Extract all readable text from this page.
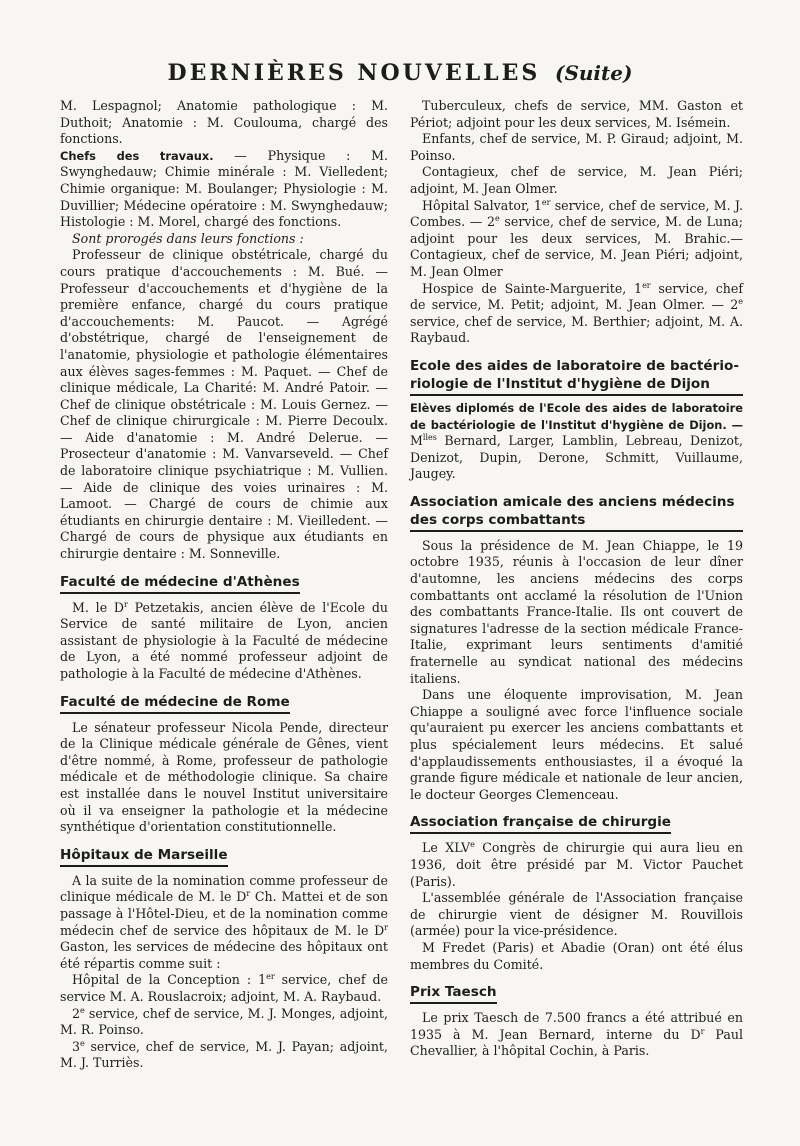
DERNIÈRES NOUVELLES (Suite)

M. Lespagnol; Anatomie pathologique : M. Duthoit; Anatomie : M. Coulouma, chargé des fonctions.

Chefs des travaux. — Physique : M. Swynghedauw; Chimie minérale : M. Vielledent; Chimie organique: M. Boulanger; Physiologie : M. Duvillier; Médecine opératoire : M. Swynghedauw; Histologie : M. Morel, chargé des fonctions.

Sont prorogés dans leurs fonctions :

Professeur de clinique obstétricale, chargé du cours pratique d'accouchements : M. Bué. — Professeur d'accouchements et d'hygiène de la première enfance, chargé du cours pratique d'accouchements: M. Paucot. — Agrégé d'obstétrique, chargé de l'enseignement de l'anatomie, physiologie et pathologie élémentaires aux élèves sages-femmes : M. Paquet. — Chef de clinique médicale, La Charité: M. André Patoir. — Chef de clinique obstétricale : M. Louis Gernez. — Chef de clinique chirurgicale : M. Pierre Decoulx. — Aide d'anatomie : M. André Delerue. — Prosecteur d'anatomie : M. Vanvarseveld. — Chef de laboratoire clinique psychiatrique : M. Vullien. — Aide de clinique des voies urinaires : M. Lamoot. — Chargé de cours de chimie aux étudiants en chirurgie dentaire : M. Vieilledent. — Chargé de cours de physique aux étudiants en chirurgie dentaire : M. Sonneville.

Faculté de médecine d'Athènes

M. le $D^r$ Petzetakis, ancien élève de l'Ecole du Service de santé militaire de Lyon, ancien assistant de physiologie à la Faculté de médecine de Lyon, a été nommé professeur adjoint de pathologie à la Faculté de médecine d'Athènes.

Faculté de médecine de Rome

Le sénateur professeur Nicola Pende, directeur de la Clinique médicale générale de Gênes, vient d'être nommé, à Rome, professeur de pathologie médicale et de méthodologie clinique. Sa chaire est installée dans le nouvel Institut universitaire où il va enseigner la pathologie et la médecine synthétique d'orientation constitutionnelle.

Hôpitaux de Marseille

A la suite de la nomination comme professeur de clinique médicale de M. le $D^r$ Ch. Mattei et de son passage à l'Hôtel-Dieu, et de la nomination comme médecin chef de service des hôpitaux de M. le $D^r$ Gaston, les services de médecine des hôpitaux ont été répartis comme suit :

Hôpital de la Conception : 1er service, chef de service M. A. Rouslacroix; adjoint, M. A. Raybaud.

2e service, chef de service, M. J. Monges, adjoint, M. R. Poinso.

3e service, chef de service, M. J. Payan; adjoint, M. J. Turriès.

Tuberculeux, chefs de service, MM. Gaston et Périot; adjoint pour les deux services, M. Isémein.

Enfants, chef de service, M. P. Giraud; adjoint, M. Poinso.

Contagieux, chef de service, M. Jean Piéri; adjoint, M. Jean Olmer.

Hôpital Salvator, 1er service, chef de service, M. J. Combes. — 2e service, chef de service, M. de Luna; adjoint pour les deux services, M. Brahic.— Contagieux, chef de service, M. Jean Piéri; adjoint, M. Jean Olmer

Hospice de Sainte-Marguerite, 1er service, chef de service, M. Petit; adjoint, M. Jean Olmer. — 2e service, chef de service, M. Berthier; adjoint, M. A. Raybaud.

Ecole des aides de laboratoire de bactério-
riologie de l'Institut d'hygiène de Dijon

Elèves diplomés de l'Ecole des aides de laboratoire de bactériologie de l'Institut d'hygiène de Dijon. — $M^{lles}$ Bernard, Larger, Lamblin, Lebreau, Denizot, Denizot, Dupin, Derone, Schmitt, Vuillaume, Jaugey.

Association amicale des anciens médecins
des corps combattants

Sous la présidence de M. Jean Chiappe, le 19 octobre 1935, réunis à l'occasion de leur dîner d'automne, les anciens médecins des corps combattants ont acclamé la résolution de l'Union des combattants France-Italie. Ils ont couvert de signatures l'adresse de la section médicale France-Italie, exprimant leurs sentiments d'amitié fraternelle au syndicat national des médecins italiens.

Dans une éloquente improvisation, M. Jean Chiappe a souligné avec force l'influence sociale qu'auraient pu exercer les anciens combattants et plus spécialement leurs médecins. Et salué d'applaudissements enthousiastes, il a évoqué la grande figure médicale et nationale de leur ancien, le docteur Georges Clemenceau.

Association française de chirurgie

Le XLVe Congrès de chirurgie qui aura lieu en 1936, doit être présidé par M. Victor Pauchet (Paris).

L'assemblée générale de l'Association française de chirurgie vient de désigner M. Rouvillois (armée) pour la vice-présidence.

M Fredet (Paris) et Abadie (Oran) ont été élus membres du Comité.

Prix Taesch

Le prix Taesch de 7.500 francs a été attribué en 1935 à M. Jean Bernard, interne du $D^r$ Paul Chevallier, à l'hôpital Cochin, à Paris.
